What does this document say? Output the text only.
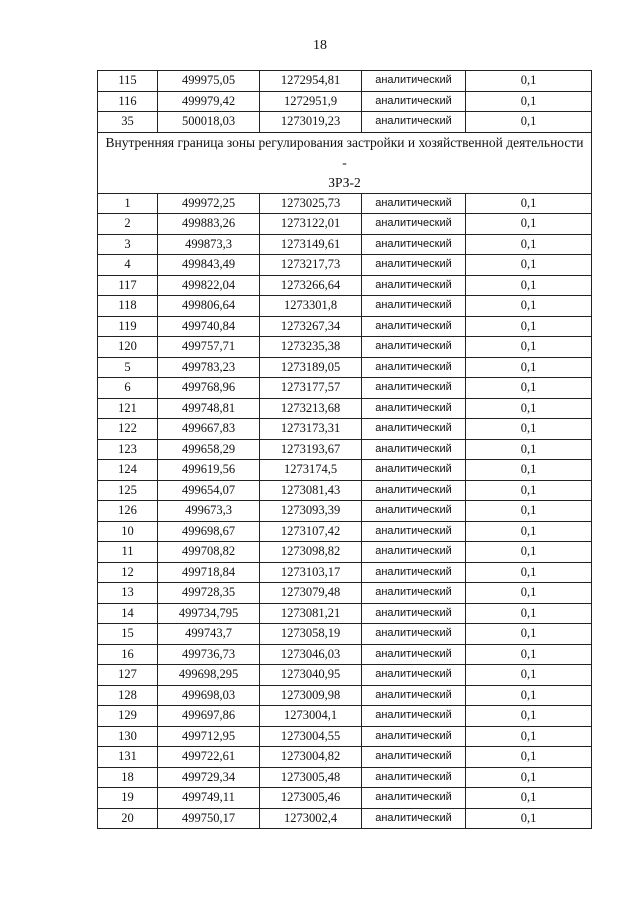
18
115	499975,05	1272954,81	аналитический	0,1
116	499979,42	1272951,9	аналитический	0,1
35	500018,03	1273019,23	аналитический	0,1

Внутренняя граница зоны регулирования застройки и хозяйственной деятельности -
ЗРЗ-2				

1	499972,25	1273025,73	аналитический	0,1
2	499883,26	1273122,01	аналитический	0,1
3	499873,3	1273149,61	аналитический	0,1
4	499843,49	1273217,73	аналитический	0,1
117	499822,04	1273266,64	аналитический	0,1
118	499806,64	1273301,8	аналитический	0,1
119	499740,84	1273267,34	аналитический	0,1
120	499757,71	1273235,38	аналитический	0,1
5	499783,23	1273189,05	аналитический	0,1
6	499768,96	1273177,57	аналитический	0,1
121	499748,81	1273213,68	аналитический	0,1
122	499667,83	1273173,31	аналитический	0,1
123	499658,29	1273193,67	аналитический	0,1
124	499619,56	1273174,5	аналитический	0,1
125	499654,07	1273081,43	аналитический	0,1
126	499673,3	1273093,39	аналитический	0,1
10	499698,67	1273107,42	аналитический	0,1
11	499708,82	1273098,82	аналитический	0,1
12	499718,84	1273103,17	аналитический	0,1
13	499728,35	1273079,48	аналитический	0,1
14	499734,795	1273081,21	аналитический	0,1
15	499743,7	1273058,19	аналитический	0,1
16	499736,73	1273046,03	аналитический	0,1
127	499698,295	1273040,95	аналитический	0,1
128	499698,03	1273009,98	аналитический	0,1
129	499697,86	1273004,1	аналитический	0,1
130	499712,95	1273004,55	аналитический	0,1
131	499722,61	1273004,82	аналитический	0,1
18	499729,34	1273005,48	аналитический	0,1
19	499749,11	1273005,46	аналитический	0,1
20	499750,17	1273002,4	аналитический	0,1
